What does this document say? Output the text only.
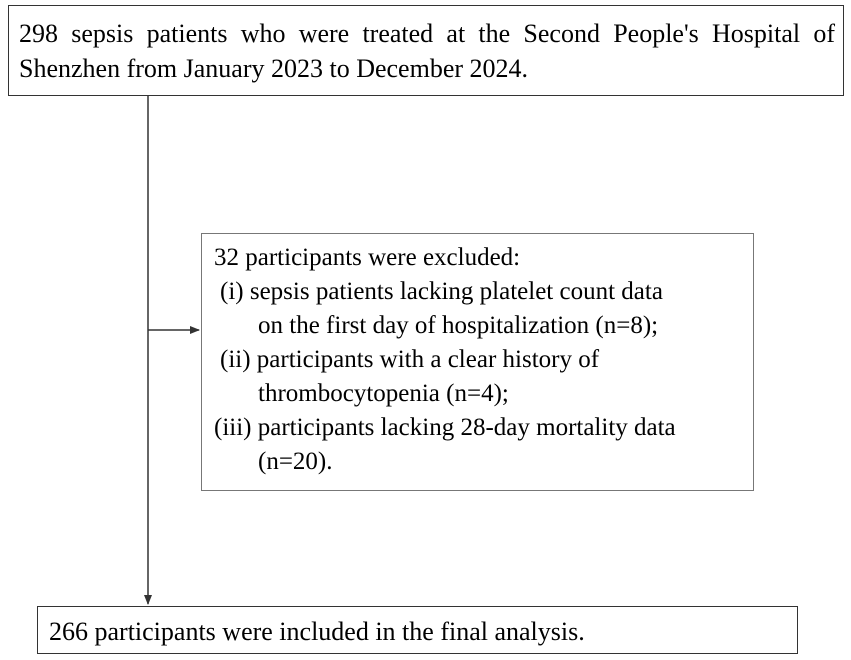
298 sepsis patients who were treated at the Second People's Hospital of
Shenzhen from January 2023 to December 2024.
32 participants were excluded:
(i) sepsis patients lacking platelet count data
on the first day of hospitalization (n=8);
(ii) participants with a clear history of
thrombocytopenia (n=4);
(iii) participants lacking 28-day mortality data
(n=20).
266 participants were included in the final analysis.
